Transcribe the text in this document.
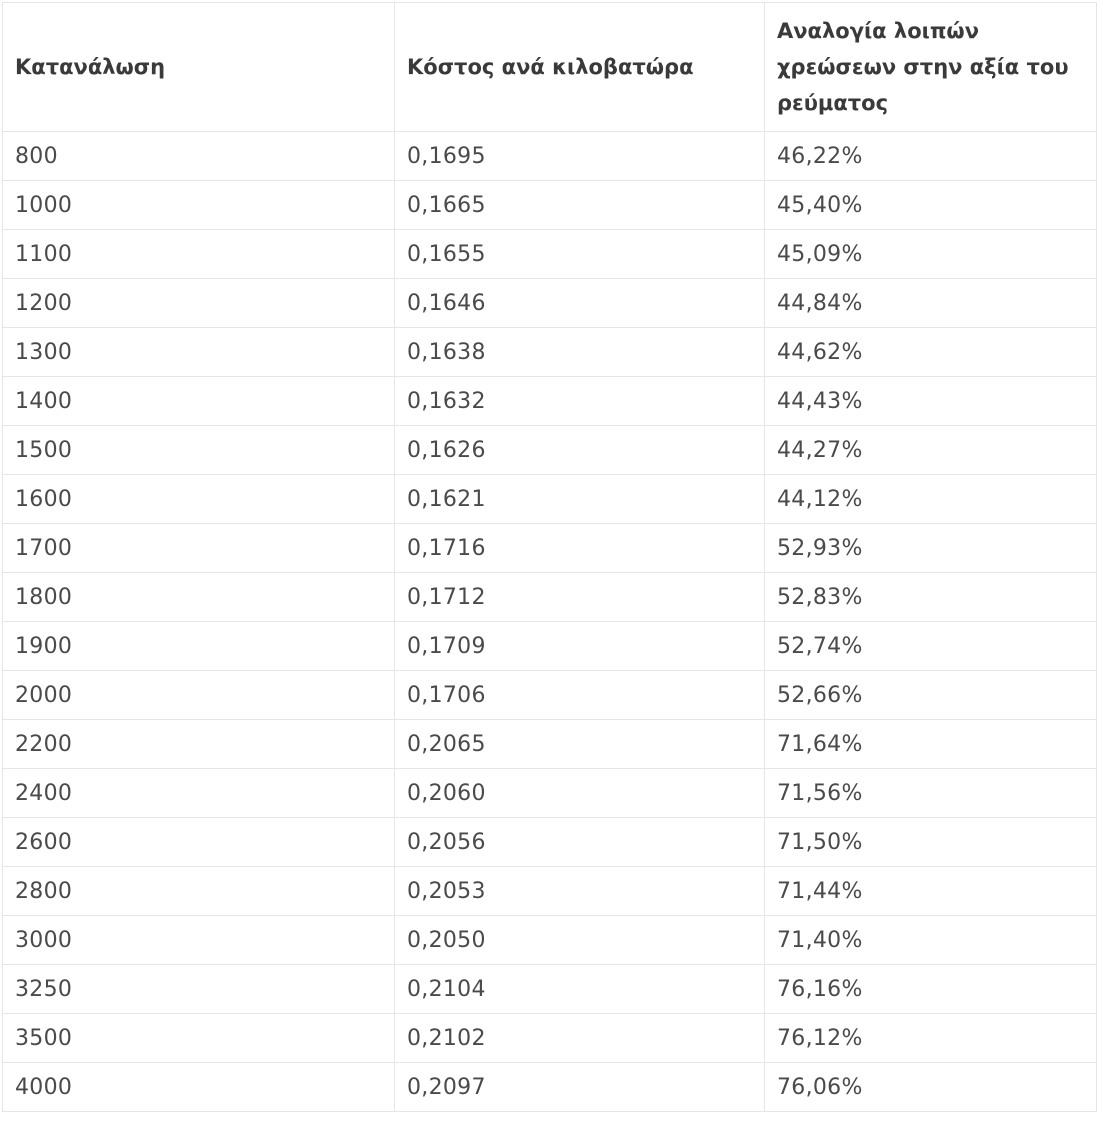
Κατανάλωση	Κόστος ανά κιλοβατώρα	Αναλογία λοιπών χρεώσεων στην αξία του ρεύματος
800	0,1695	46,22%
1000	0,1665	45,40%
1100	0,1655	45,09%
1200	0,1646	44,84%
1300	0,1638	44,62%
1400	0,1632	44,43%
1500	0,1626	44,27%
1600	0,1621	44,12%
1700	0,1716	52,93%
1800	0,1712	52,83%
1900	0,1709	52,74%
2000	0,1706	52,66%
2200	0,2065	71,64%
2400	0,2060	71,56%
2600	0,2056	71,50%
2800	0,2053	71,44%
3000	0,2050	71,40%
3250	0,2104	76,16%
3500	0,2102	76,12%
4000	0,2097	76,06%
